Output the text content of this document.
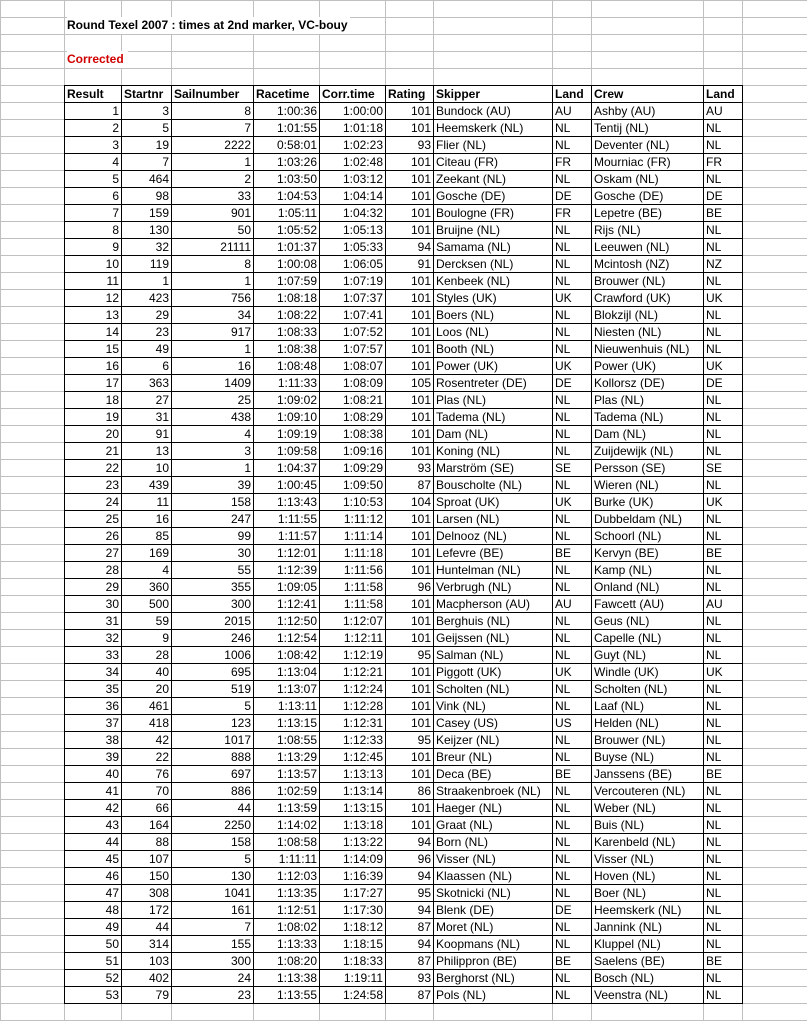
Round Texel 2007 : times at 2nd marker, VC-bouy
Corrected
Result	Startnr	Sailnumber	Racetime	Corr.time	Rating	Skipper	Land	Crew	Land
1	3	8	1:00:36	1:00:00	101	Bundock (AU)	AU	Ashby (AU)	AU
2	5	7	1:01:55	1:01:18	101	Heemskerk (NL)	NL	Tentij (NL)	NL
3	19	2222	0:58:01	1:02:23	93	Flier (NL)	NL	Deventer (NL)	NL
4	7	1	1:03:26	1:02:48	101	Citeau (FR)	FR	Mourniac (FR)	FR
5	464	2	1:03:50	1:03:12	101	Zeekant (NL)	NL	Oskam (NL)	NL
6	98	33	1:04:53	1:04:14	101	Gosche (DE)	DE	Gosche (DE)	DE
7	159	901	1:05:11	1:04:32	101	Boulogne (FR)	FR	Lepetre (BE)	BE
8	130	50	1:05:52	1:05:13	101	Bruijne (NL)	NL	Rijs (NL)	NL
9	32	21111	1:01:37	1:05:33	94	Samama (NL)	NL	Leeuwen (NL)	NL
10	119	8	1:00:08	1:06:05	91	Dercksen (NL)	NL	Mcintosh (NZ)	NZ
11	1	1	1:07:59	1:07:19	101	Kenbeek (NL)	NL	Brouwer (NL)	NL
12	423	756	1:08:18	1:07:37	101	Styles (UK)	UK	Crawford (UK)	UK
13	29	34	1:08:22	1:07:41	101	Boers (NL)	NL	Blokzijl (NL)	NL
14	23	917	1:08:33	1:07:52	101	Loos (NL)	NL	Niesten (NL)	NL
15	49	1	1:08:38	1:07:57	101	Booth (NL)	NL	Nieuwenhuis (NL)	NL
16	6	16	1:08:48	1:08:07	101	Power (UK)	UK	Power (UK)	UK
17	363	1409	1:11:33	1:08:09	105	Rosentreter (DE)	DE	Kollorsz (DE)	DE
18	27	25	1:09:02	1:08:21	101	Plas (NL)	NL	Plas (NL)	NL
19	31	438	1:09:10	1:08:29	101	Tadema (NL)	NL	Tadema (NL)	NL
20	91	4	1:09:19	1:08:38	101	Dam (NL)	NL	Dam (NL)	NL
21	13	3	1:09:58	1:09:16	101	Koning (NL)	NL	Zuijdewijk (NL)	NL
22	10	1	1:04:37	1:09:29	93	Marström (SE)	SE	Persson (SE)	SE
23	439	39	1:00:45	1:09:50	87	Bouscholte (NL)	NL	Wieren (NL)	NL
24	11	158	1:13:43	1:10:53	104	Sproat (UK)	UK	Burke (UK)	UK
25	16	247	1:11:55	1:11:12	101	Larsen (NL)	NL	Dubbeldam (NL)	NL
26	85	99	1:11:57	1:11:14	101	Delnooz (NL)	NL	Schoorl (NL)	NL
27	169	30	1:12:01	1:11:18	101	Lefevre (BE)	BE	Kervyn (BE)	BE
28	4	55	1:12:39	1:11:56	101	Huntelman (NL)	NL	Kamp (NL)	NL
29	360	355	1:09:05	1:11:58	96	Verbrugh (NL)	NL	Onland (NL)	NL
30	500	300	1:12:41	1:11:58	101	Macpherson (AU)	AU	Fawcett (AU)	AU
31	59	2015	1:12:50	1:12:07	101	Berghuis (NL)	NL	Geus (NL)	NL
32	9	246	1:12:54	1:12:11	101	Geijssen (NL)	NL	Capelle (NL)	NL
33	28	1006	1:08:42	1:12:19	95	Salman (NL)	NL	Guyt (NL)	NL
34	40	695	1:13:04	1:12:21	101	Piggott (UK)	UK	Windle (UK)	UK
35	20	519	1:13:07	1:12:24	101	Scholten (NL)	NL	Scholten (NL)	NL
36	461	5	1:13:11	1:12:28	101	Vink (NL)	NL	Laaf (NL)	NL
37	418	123	1:13:15	1:12:31	101	Casey (US)	US	Helden (NL)	NL
38	42	1017	1:08:55	1:12:33	95	Keijzer (NL)	NL	Brouwer (NL)	NL
39	22	888	1:13:29	1:12:45	101	Breur (NL)	NL	Buyse (NL)	NL
40	76	697	1:13:57	1:13:13	101	Deca (BE)	BE	Janssens (BE)	BE
41	70	886	1:02:59	1:13:14	86	Straakenbroek (NL)	NL	Vercouteren (NL)	NL
42	66	44	1:13:59	1:13:15	101	Haeger (NL)	NL	Weber (NL)	NL
43	164	2250	1:14:02	1:13:18	101	Graat (NL)	NL	Buis (NL)	NL
44	88	158	1:08:58	1:13:22	94	Born (NL)	NL	Karenbeld (NL)	NL
45	107	5	1:11:11	1:14:09	96	Visser (NL)	NL	Visser (NL)	NL
46	150	130	1:12:03	1:16:39	94	Klaassen (NL)	NL	Hoven (NL)	NL
47	308	1041	1:13:35	1:17:27	95	Skotnicki (NL)	NL	Boer (NL)	NL
48	172	161	1:12:51	1:17:30	94	Blenk (DE)	DE	Heemskerk (NL)	NL
49	44	7	1:08:02	1:18:12	87	Moret (NL)	NL	Jannink (NL)	NL
50	314	155	1:13:33	1:18:15	94	Koopmans (NL)	NL	Kluppel (NL)	NL
51	103	300	1:08:20	1:18:33	87	Philippron (BE)	BE	Saelens (BE)	BE
52	402	24	1:13:38	1:19:11	93	Berghorst (NL)	NL	Bosch (NL)	NL
53	79	23	1:13:55	1:24:58	87	Pols (NL)	NL	Veenstra (NL)	NL
